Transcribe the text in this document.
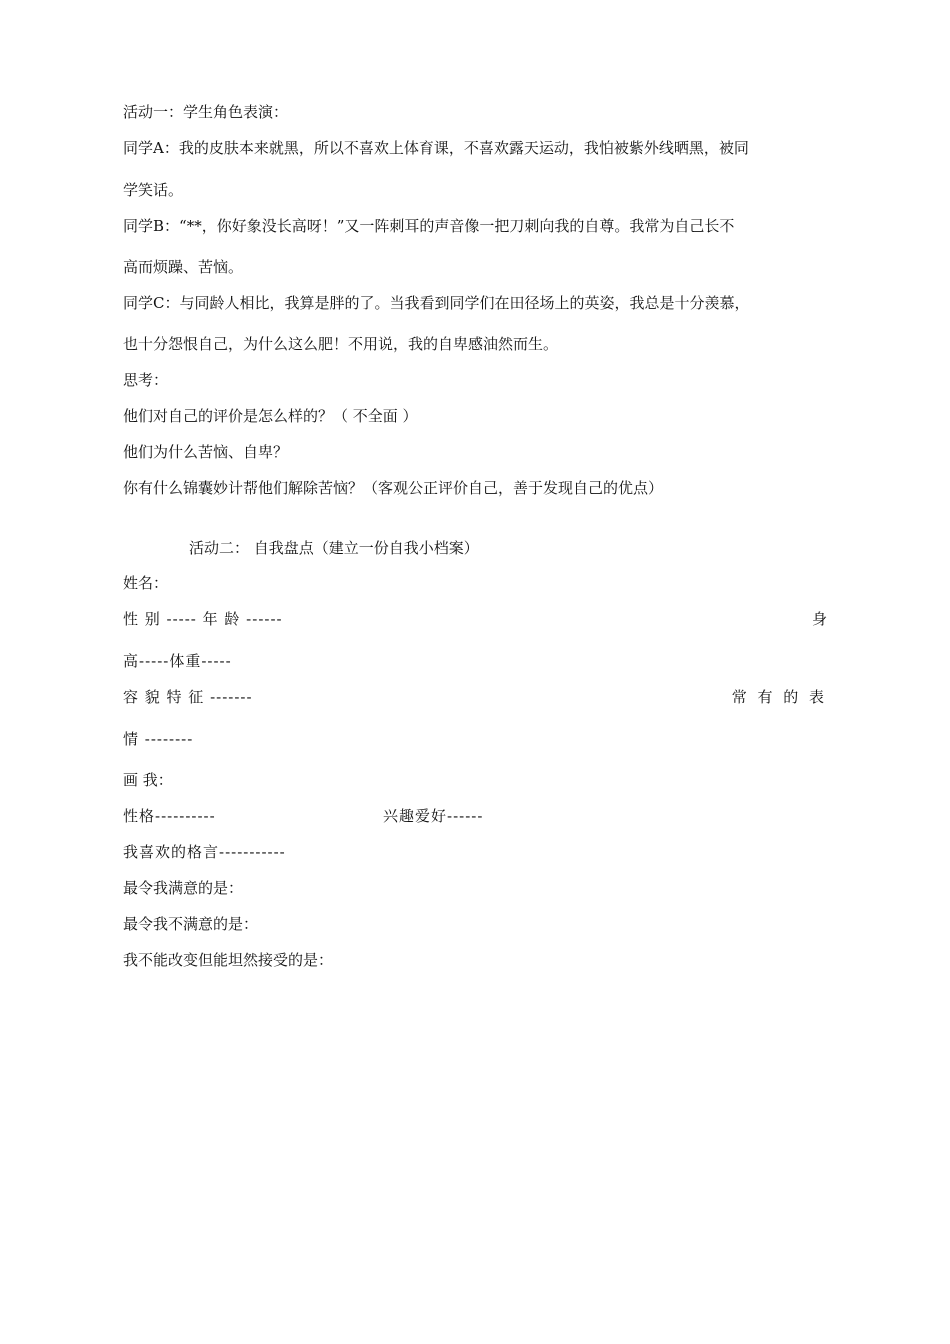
活动一：学生角色表演：
同学A：我的皮肤本来就黑，所以不喜欢上体育课，不喜欢露天运动，我怕被紫外线晒黑，被同
学笑话。
同学B：“**，你好象没长高呀！”又一阵刺耳的声音像一把刀刺向我的自尊。我常为自己长不
高而烦躁、苦恼。
同学C：与同龄人相比，我算是胖的了。当我看到同学们在田径场上的英姿，我总是十分羡慕，
也十分怨恨自己，为什么这么肥！不用说，我的自卑感油然而生。
思考：
他们对自己的评价是怎么样的？（ 不全面 ）
他们为什么苦恼、自卑？
你有什么锦囊妙计帮他们解除苦恼？（客观公正评价自己，善于发现自己的优点）
活动二： 自我盘点（建立一份自我小档案）
姓名：
性 别 ----- 年 龄 ------	身
高-----体重-----
容 貌 特 征 -------	常 有 的 表
情 --------
画 我：
性格----------	兴趣爱好------
我喜欢的格言-----------
最令我满意的是：
最令我不满意的是：
我不能改变但能坦然接受的是：
